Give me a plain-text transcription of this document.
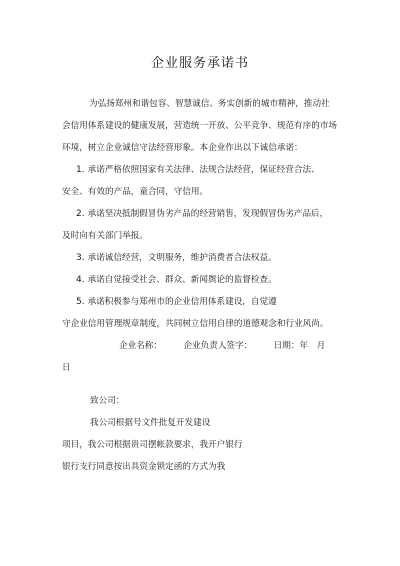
企业服务承诺书
为弘扬郑州和谐包容、智慧诚信、务实创新的城市精神，推动社
会信用体系建设的健康发展，营造统一开放、公平竞争、规范有序的市场
环境，树立企业诚信守法经营形象。本企业作出以下诚信承诺：
1. 承诺严格依照国家有关法律、法规合法经营，保证经营合法、
安全、有效的产品，童合同，守信用。
2. 承诺坚决抵制假冒伪劣产品的经营销售，发现假冒伪劣产品后，
及时向有关部门举报。
3. 承诺诚信经营，文明服务，维护消费者合法权益。
4. 承诺自觉接受社会、群众、新闻舆论的监督检查。
5. 承诺积极参与郑州市的企业信用体系建设，自觉遵
守企业信用管理规章制度，共同树立信用自律的道德观念和行业风尚。
企业名称：　　　企业负责人签字：　　　日期：年　月
日
致公司：
我公司根据号文件批复开发建设
项目，我公司根据贵司摆帐款要求，我开户银行
银行支行同意按出具资金锁定函的方式为我
